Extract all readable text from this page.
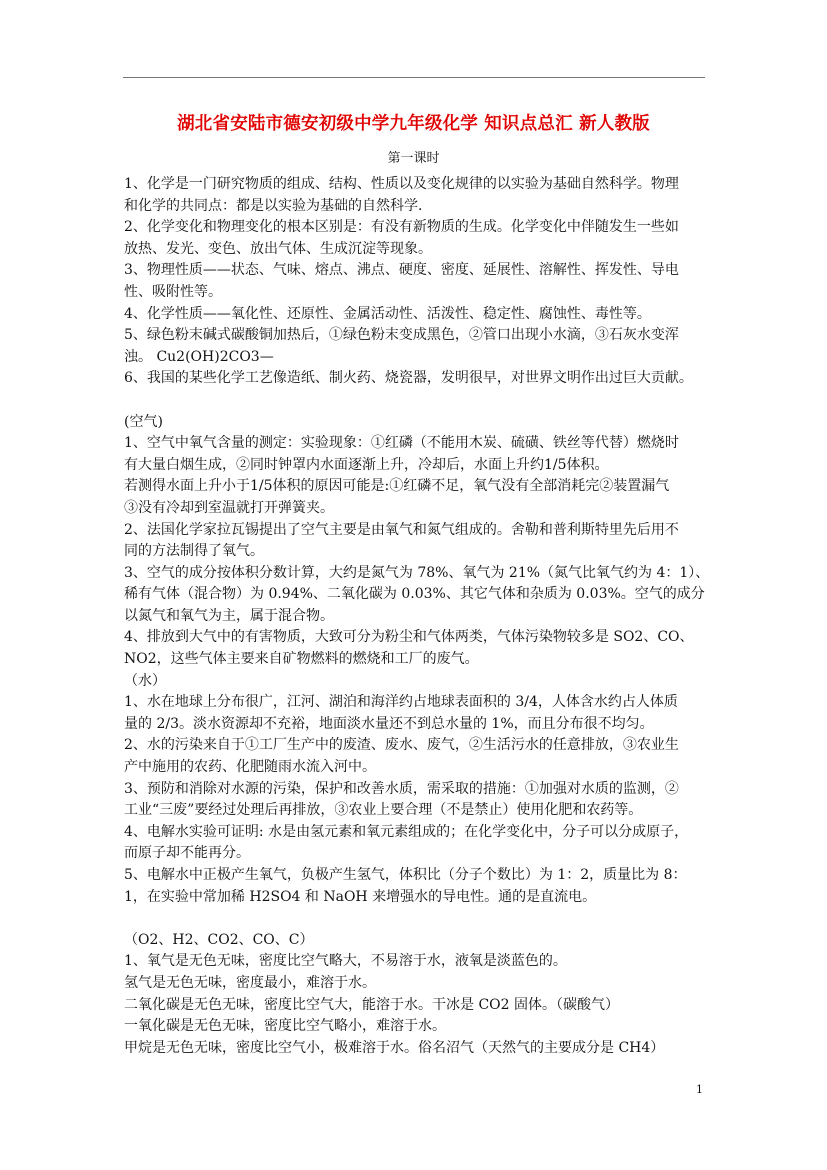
湖北省安陆市德安初级中学九年级化学 知识点总汇 新人教版
第一课时

1、化学是一门研究物质的组成、结构、性质以及变化规律的以实验为基础自然科学。物理

和化学的共同点：都是以实验为基础的自然科学.

2、化学变化和物理变化的根本区别是：有没有新物质的生成。化学变化中伴随发生一些如

放热、发光、变色、放出气体、生成沉淀等现象。

3、物理性质——状态、气味、熔点、沸点、硬度、密度、延展性、溶解性、挥发性、导电

性、吸附性等。

4、化学性质——氧化性、还原性、金属活动性、活泼性、稳定性、腐蚀性、毒性等。

5、绿色粉末碱式碳酸铜加热后，①绿色粉末变成黑色，②管口出现小水滴，③石灰水变浑

浊。 Cu2(OH)2CO3—

6、我国的某些化学工艺像造纸、制火药、烧瓷器，发明很早，对世界文明作出过巨大贡献。

(空气)

1、空气中氧气含量的测定：实验现象：①红磷（不能用木炭、硫磺、铁丝等代替）燃烧时

有大量白烟生成，②同时钟罩内水面逐渐上升，冷却后，水面上升约1/5体积。

若测得水面上升小于1/5体积的原因可能是:①红磷不足，氧气没有全部消耗完②装置漏气

③没有冷却到室温就打开弹簧夹。

2、法国化学家拉瓦锡提出了空气主要是由氧气和氮气组成的。舍勒和普利斯特里先后用不

同的方法制得了氧气。

3、空气的成分按体积分数计算，大约是氮气为 78%、氧气为 21%（氮气比氧气约为 4：1）、

稀有气体（混合物）为 0.94%、二氧化碳为 0.03%、其它气体和杂质为 0.03%。空气的成分

以氮气和氧气为主，属于混合物。

4、排放到大气中的有害物质，大致可分为粉尘和气体两类，气体污染物较多是 SO2、CO、

NO2，这些气体主要来自矿物燃料的燃烧和工厂的废气。

（水）

1、水在地球上分布很广，江河、湖泊和海洋约占地球表面积的 3/4，人体含水约占人体质

量的 2/3。淡水资源却不充裕，地面淡水量还不到总水量的 1%，而且分布很不均匀。

2、水的污染来自于①工厂生产中的废渣、废水、废气，②生活污水的任意排放，③农业生

产中施用的农药、化肥随雨水流入河中。

3、预防和消除对水源的污染，保护和改善水质，需采取的措施：①加强对水质的监测，②

工业“三废”要经过处理后再排放，③农业上要合理（不是禁止）使用化肥和农药等。

4、电解水实验可证明: 水是由氢元素和氧元素组成的；在化学变化中，分子可以分成原子，

而原子却不能再分。

5、电解水中正极产生氧气，负极产生氢气，体积比（分子个数比）为 1：2，质量比为 8：

1，在实验中常加稀 H2SO4 和 NaOH 来增强水的导电性。通的是直流电。

（O2、H2、CO2、CO、C）

1、氧气是无色无味，密度比空气略大，不易溶于水，液氧是淡蓝色的。

氢气是无色无味，密度最小，难溶于水。

二氧化碳是无色无味，密度比空气大，能溶于水。干冰是 CO2 固体。（碳酸气）

一氧化碳是无色无味，密度比空气略小，难溶于水。

甲烷是无色无味，密度比空气小，极难溶于水。俗名沼气（天然气的主要成分是 CH4）

1
